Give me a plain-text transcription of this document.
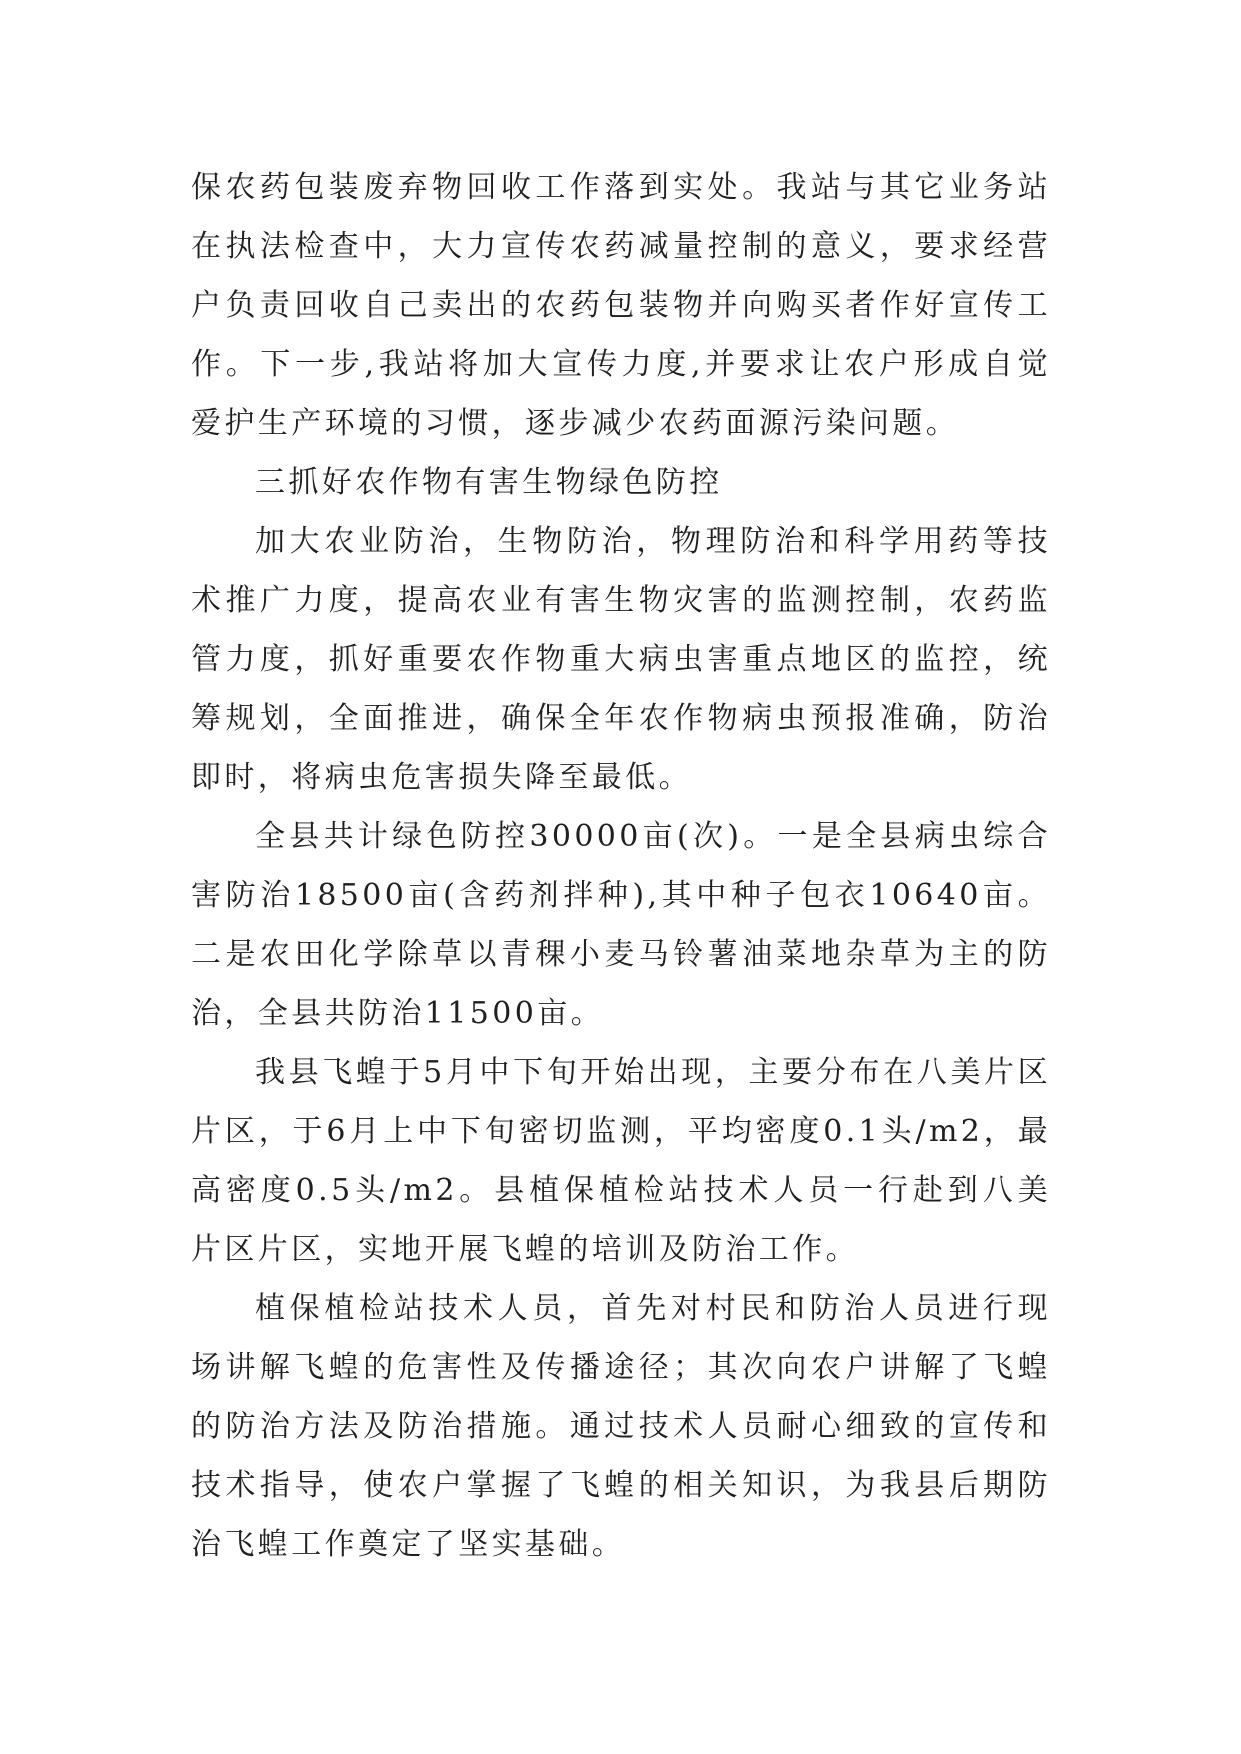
保农药包装废弃物回收工作落到实处。我站与其它业务站在执法检查中，大力宣传农药减量控制的意义，要求经营户负责回收自己卖出的农药包装物并向购买者作好宣传工作。下一步,我站将加大宣传力度,并要求让农户形成自觉爱护生产环境的习惯，逐步减少农药面源污染问题。

三抓好农作物有害生物绿色防控

加大农业防治，生物防治，物理防治和科学用药等技术推广力度，提高农业有害生物灾害的监测控制，农药监管力度，抓好重要农作物重大病虫害重点地区的监控，统筹规划，全面推进，确保全年农作物病虫预报准确，防治即时，将病虫危害损失降至最低。

全县共计绿色防控30000亩(次)。一是全县病虫综合害防治18500亩(含药剂拌种),其中种子包衣10640亩。二是农田化学除草以青稞小麦马铃薯油菜地杂草为主的防治，全县共防治11500亩。

我县飞蝗于5月中下旬开始出现，主要分布在八美片区片区，于6月上中下旬密切监测，平均密度0.1头/m2，最高密度0.5头/m2。县植保植检站技术人员一行赴到八美片区片区，实地开展飞蝗的培训及防治工作。

植保植检站技术人员，首先对村民和防治人员进行现场讲解飞蝗的危害性及传播途径；其次向农户讲解了飞蝗的防治方法及防治措施。通过技术人员耐心细致的宣传和技术指导，使农户掌握了飞蝗的相关知识，为我县后期防治飞蝗工作奠定了坚实基础。
